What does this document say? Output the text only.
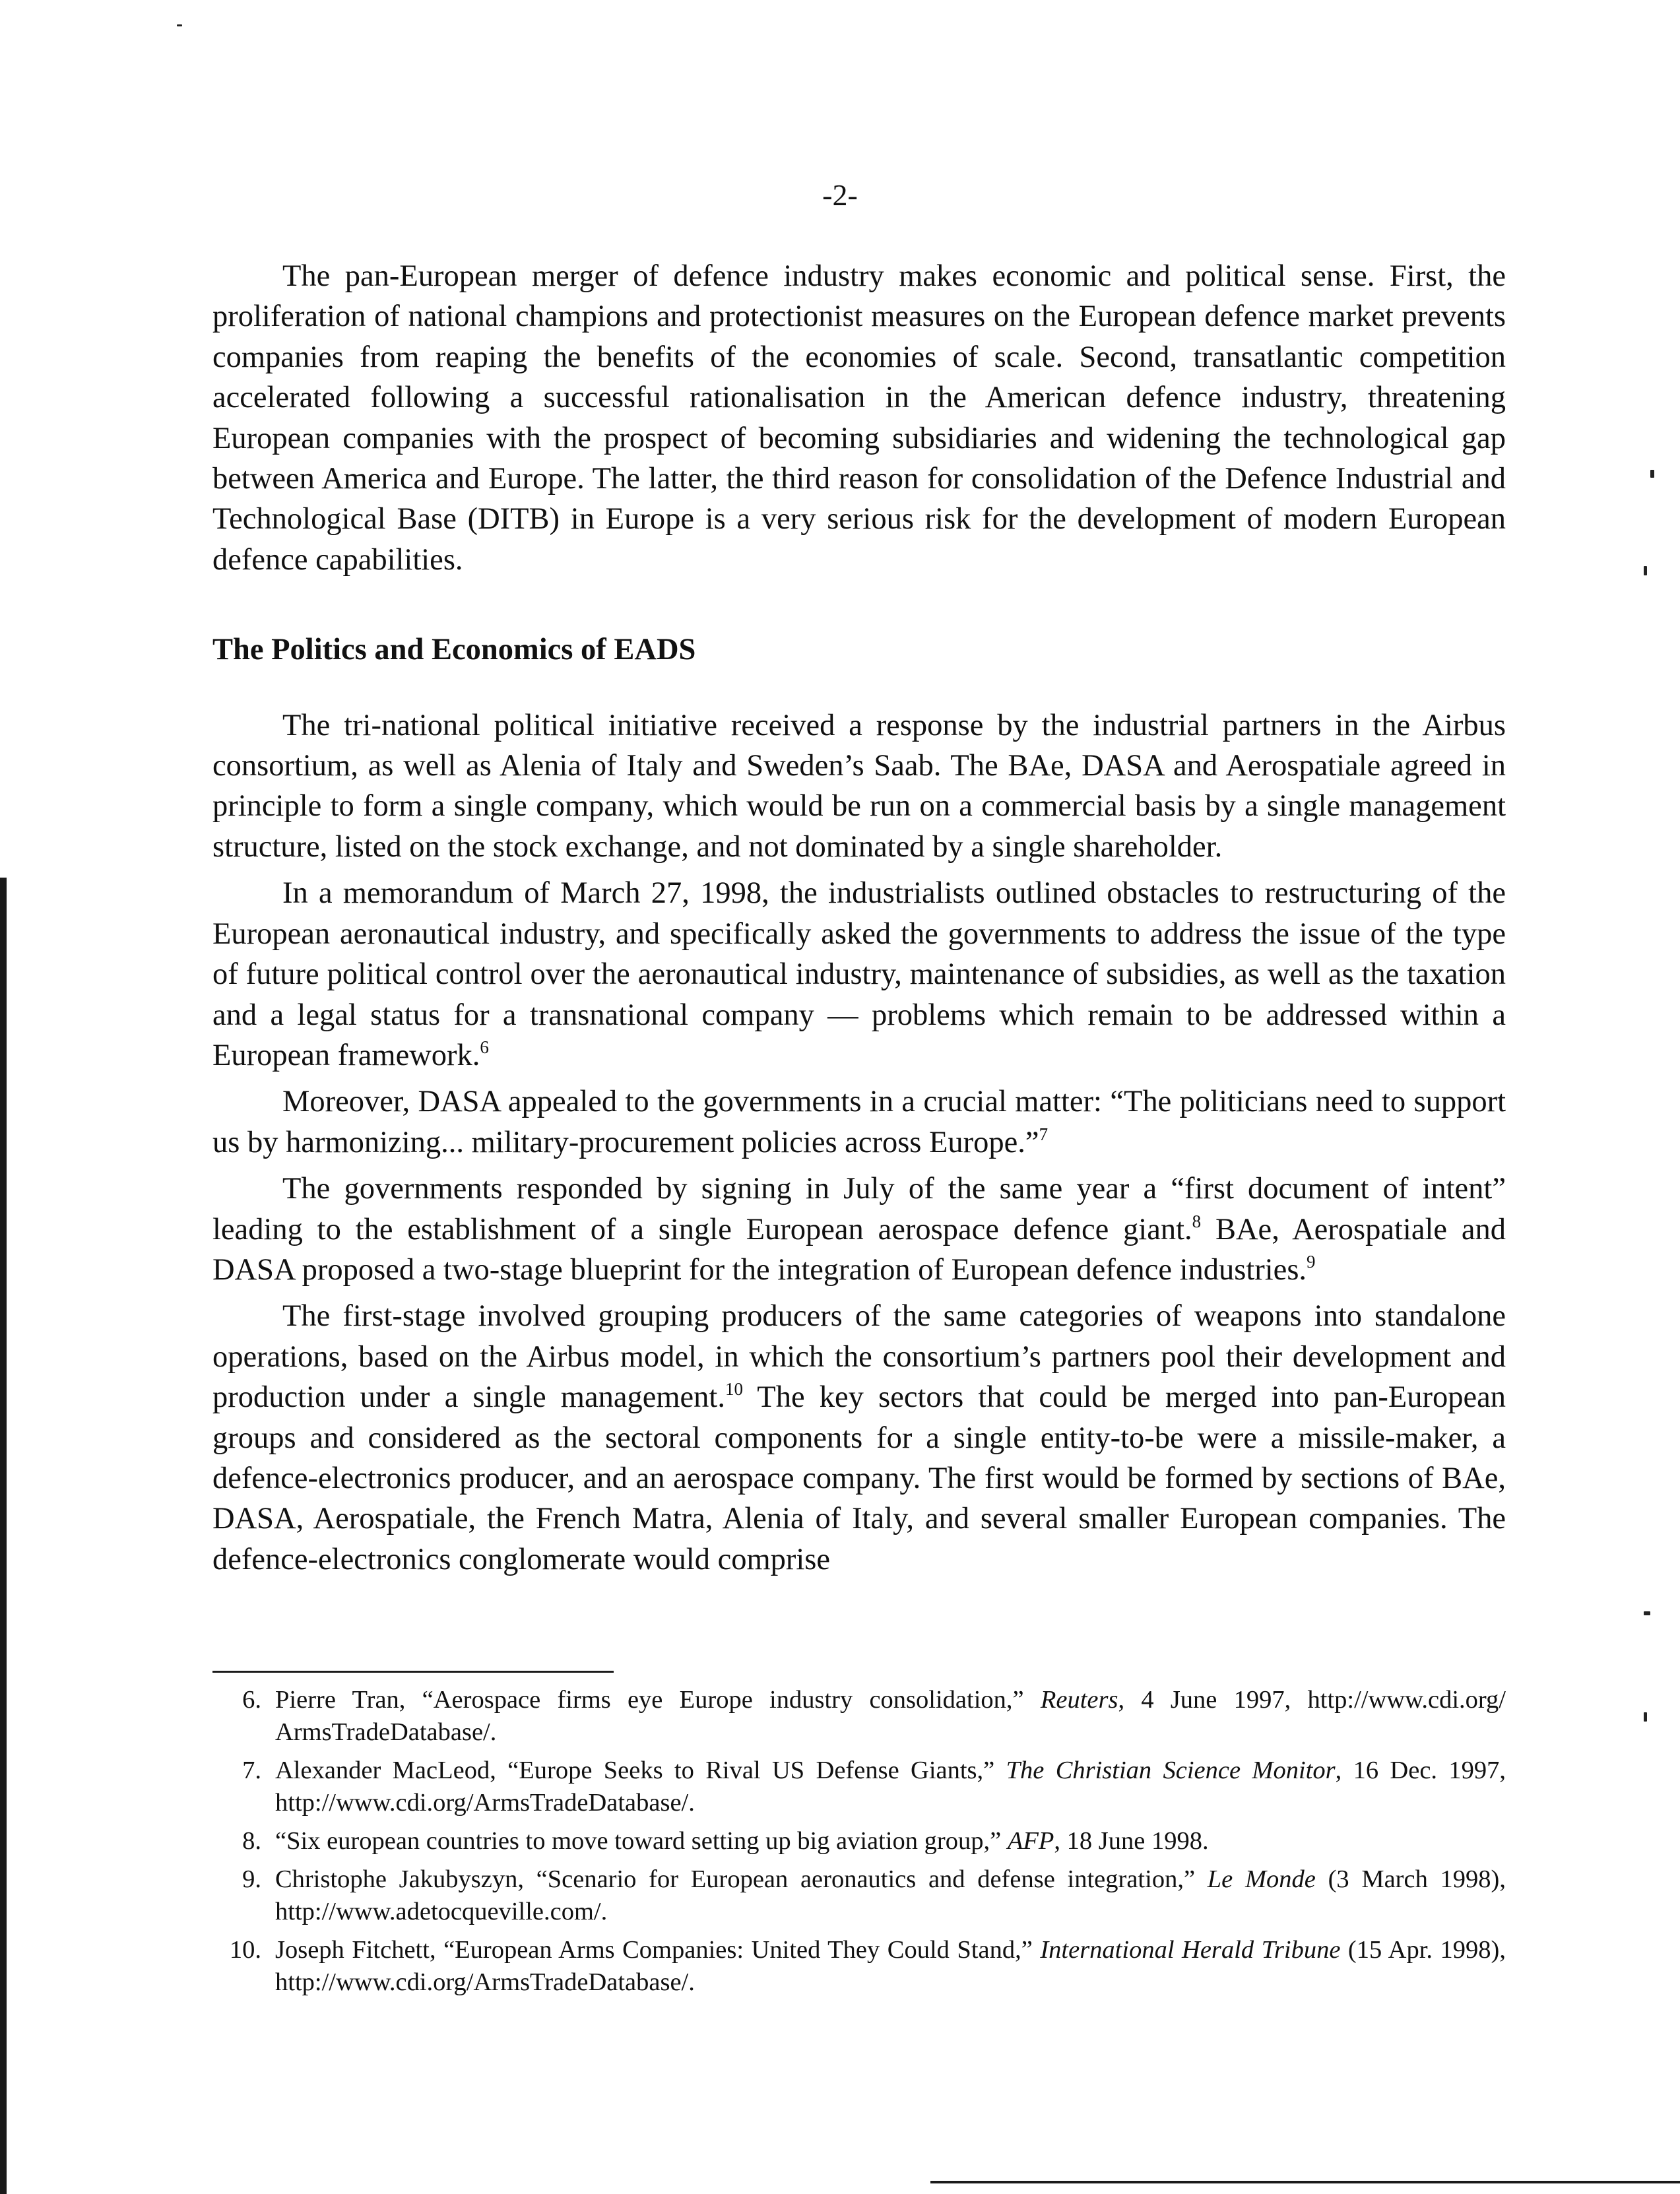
-2-

The pan-European merger of defence industry makes economic and political sense. First, the proliferation of national champions and protectionist measures on the European defence market prevents companies from reaping the benefits of the economies of scale. Second, transatlantic competition accelerated following a successful rationalisation in the American defence industry, threatening European companies with the prospect of becoming subsidiaries and widening the technological gap between America and Europe. The latter, the third reason for consolidation of the Defence Industrial and Technological Base (DITB) in Europe is a very serious risk for the development of modern European defence capabilities.

The Politics and Economics of EADS

The tri-national political initiative received a response by the industrial partners in the Airbus consortium, as well as Alenia of Italy and Sweden’s Saab. The BAe, DASA and Aerospatiale agreed in principle to form a single company, which would be run on a commercial basis by a single management structure, listed on the stock exchange, and not dominated by a single shareholder.

In a memorandum of March 27, 1998, the industrialists outlined obstacles to restructuring of the European aeronautical industry, and specifically asked the governments to address the issue of the type of future political control over the aeronautical industry, maintenance of subsidies, as well as the taxation and a legal status for a transnational company — problems which remain to be addressed within a European framework.$^6$

Moreover, DASA appealed to the governments in a crucial matter: “The politicians need to support us by harmonizing... military-procurement policies across Europe.”$^7$

The governments responded by signing in July of the same year a “first document of intent” leading to the establishment of a single European aerospace defence giant.$^8$ BAe, Aerospatiale and DASA proposed a two-stage blueprint for the integration of European defence industries.$^9$

The first-stage involved grouping producers of the same categories of weapons into standalone operations, based on the Airbus model, in which the consortium’s partners pool their development and production under a single management.$^{10}$ The key sectors that could be merged into pan-European groups and considered as the sectoral components for a single entity-to-be were a missile-maker, a defence-electronics producer, and an aerospace company. The first would be formed by sections of BAe, DASA, Aerospatiale, the French Matra, Alenia of Italy, and several smaller European companies. The defence-electronics conglomerate would comprise

6. Pierre Tran, “Aerospace firms eye Europe industry consolidation,” Reuters, 4 June 1997, http://www.cdi.org/ ArmsTradeDatabase/.
7. Alexander MacLeod, “Europe Seeks to Rival US Defense Giants,” The Christian Science Monitor, 16 Dec. 1997, http://www.cdi.org/ArmsTradeDatabase/.
8. “Six european countries to move toward setting up big aviation group,” AFP, 18 June 1998.
9. Christophe Jakubyszyn, “Scenario for European aeronautics and defense integration,” Le Monde (3 March 1998), http://www.adetocqueville.com/.
10. Joseph Fitchett, “European Arms Companies: United They Could Stand,” International Herald Tribune (15 Apr. 1998), http://www.cdi.org/ArmsTradeDatabase/.
